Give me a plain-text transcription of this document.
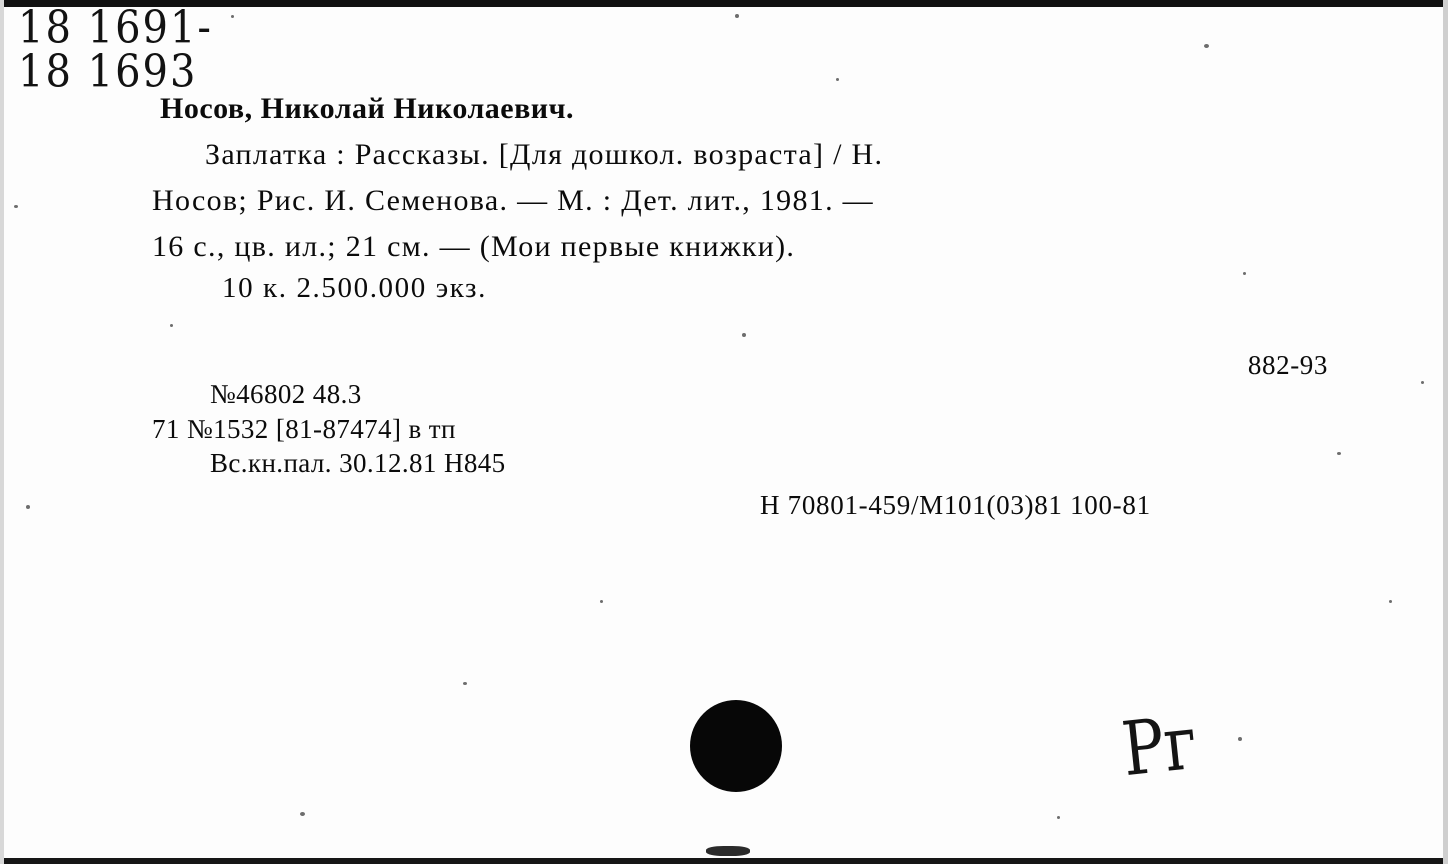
18 1691-
18 1693
Носов, Николай Николаевич.
Заплатка : Рассказы. [Для дошкол. возраста] / Н.
Носов; Рис. И. Семенова. — М. : Дет. лит., 1981. —
16 с., цв. ил.; 21 см. — (Мои первые книжки).
10 к. 2.500.000 экз.
882-93
№46802 48.3
71 №1532 [81-87474] в тп
Вс.кн.пал. 30.12.81 Н845
Н 70801-459/М101(03)81 100-81
Рг
